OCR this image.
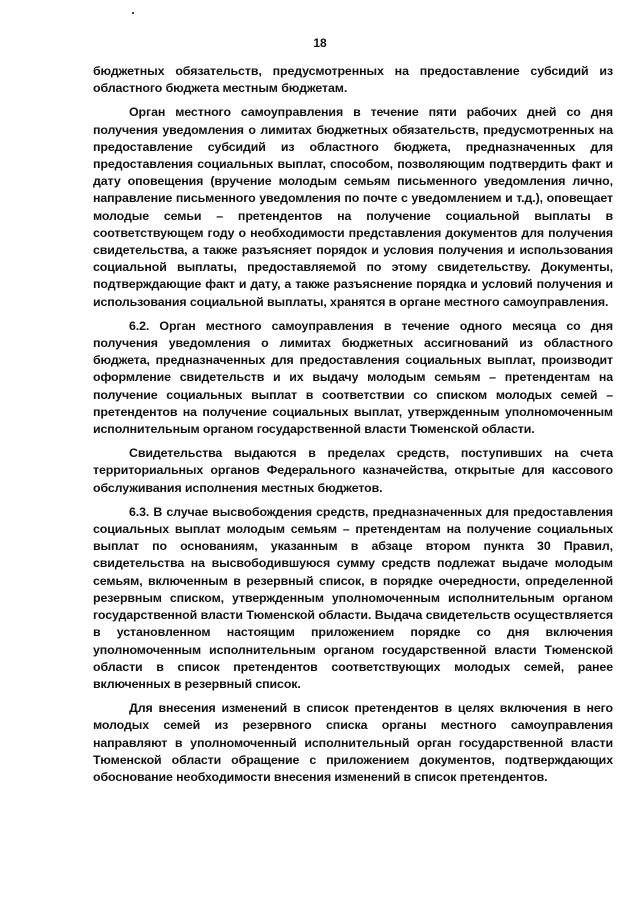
18

бюджетных обязательств, предусмотренных на предоставление субсидий из областного бюджета местным бюджетам.

Орган местного самоуправления в течение пяти рабочих дней со дня получения уведомления о лимитах бюджетных обязательств, предусмотренных на предоставление субсидий из областного бюджета, предназначенных для предоставления социальных выплат, способом, позволяющим подтвердить факт и дату оповещения (вручение молодым семьям письменного уведомления лично, направление письменного уведомления по почте с уведомлением и т.д.), оповещает молодые семьи – претендентов на получение социальной выплаты в соответствующем году о необходимости представления документов для получения свидетельства, а также разъясняет порядок и условия получения и использования социальной выплаты, предоставляемой по этому свидетельству. Документы, подтверждающие факт и дату, а также разъяснение порядка и условий получения и использования социальной выплаты, хранятся в органе местного самоуправления.

6.2. Орган местного самоуправления в течение одного месяца со дня получения уведомления о лимитах бюджетных ассигнований из областного бюджета, предназначенных для предоставления социальных выплат, производит оформление свидетельств и их выдачу молодым семьям – претендентам на получение социальных выплат в соответствии со списком молодых семей – претендентов на получение социальных выплат, утвержденным уполномоченным исполнительным органом государственной власти Тюменской области.

Свидетельства выдаются в пределах средств, поступивших на счета территориальных органов Федерального казначейства, открытые для кассового обслуживания исполнения местных бюджетов.

6.3. В случае высвобождения средств, предназначенных для предоставления социальных выплат молодым семьям – претендентам на получение социальных выплат по основаниям, указанным в абзаце втором пункта 30 Правил, свидетельства на высвободившуюся сумму средств подлежат выдаче молодым семьям, включенным в резервный список, в порядке очередности, определенной резервным списком, утвержденным уполномоченным исполнительным органом государственной власти Тюменской области. Выдача свидетельств осуществляется в установленном настоящим приложением порядке со дня включения уполномоченным исполнительным органом государственной власти Тюменской области в список претендентов соответствующих молодых семей, ранее включенных в резервный список.

Для внесения изменений в список претендентов в целях включения в него молодых семей из резервного списка органы местного самоуправления направляют в уполномоченный исполнительный орган государственной власти Тюменской области обращение с приложением документов, подтверждающих обоснование необходимости внесения изменений в список претендентов.
